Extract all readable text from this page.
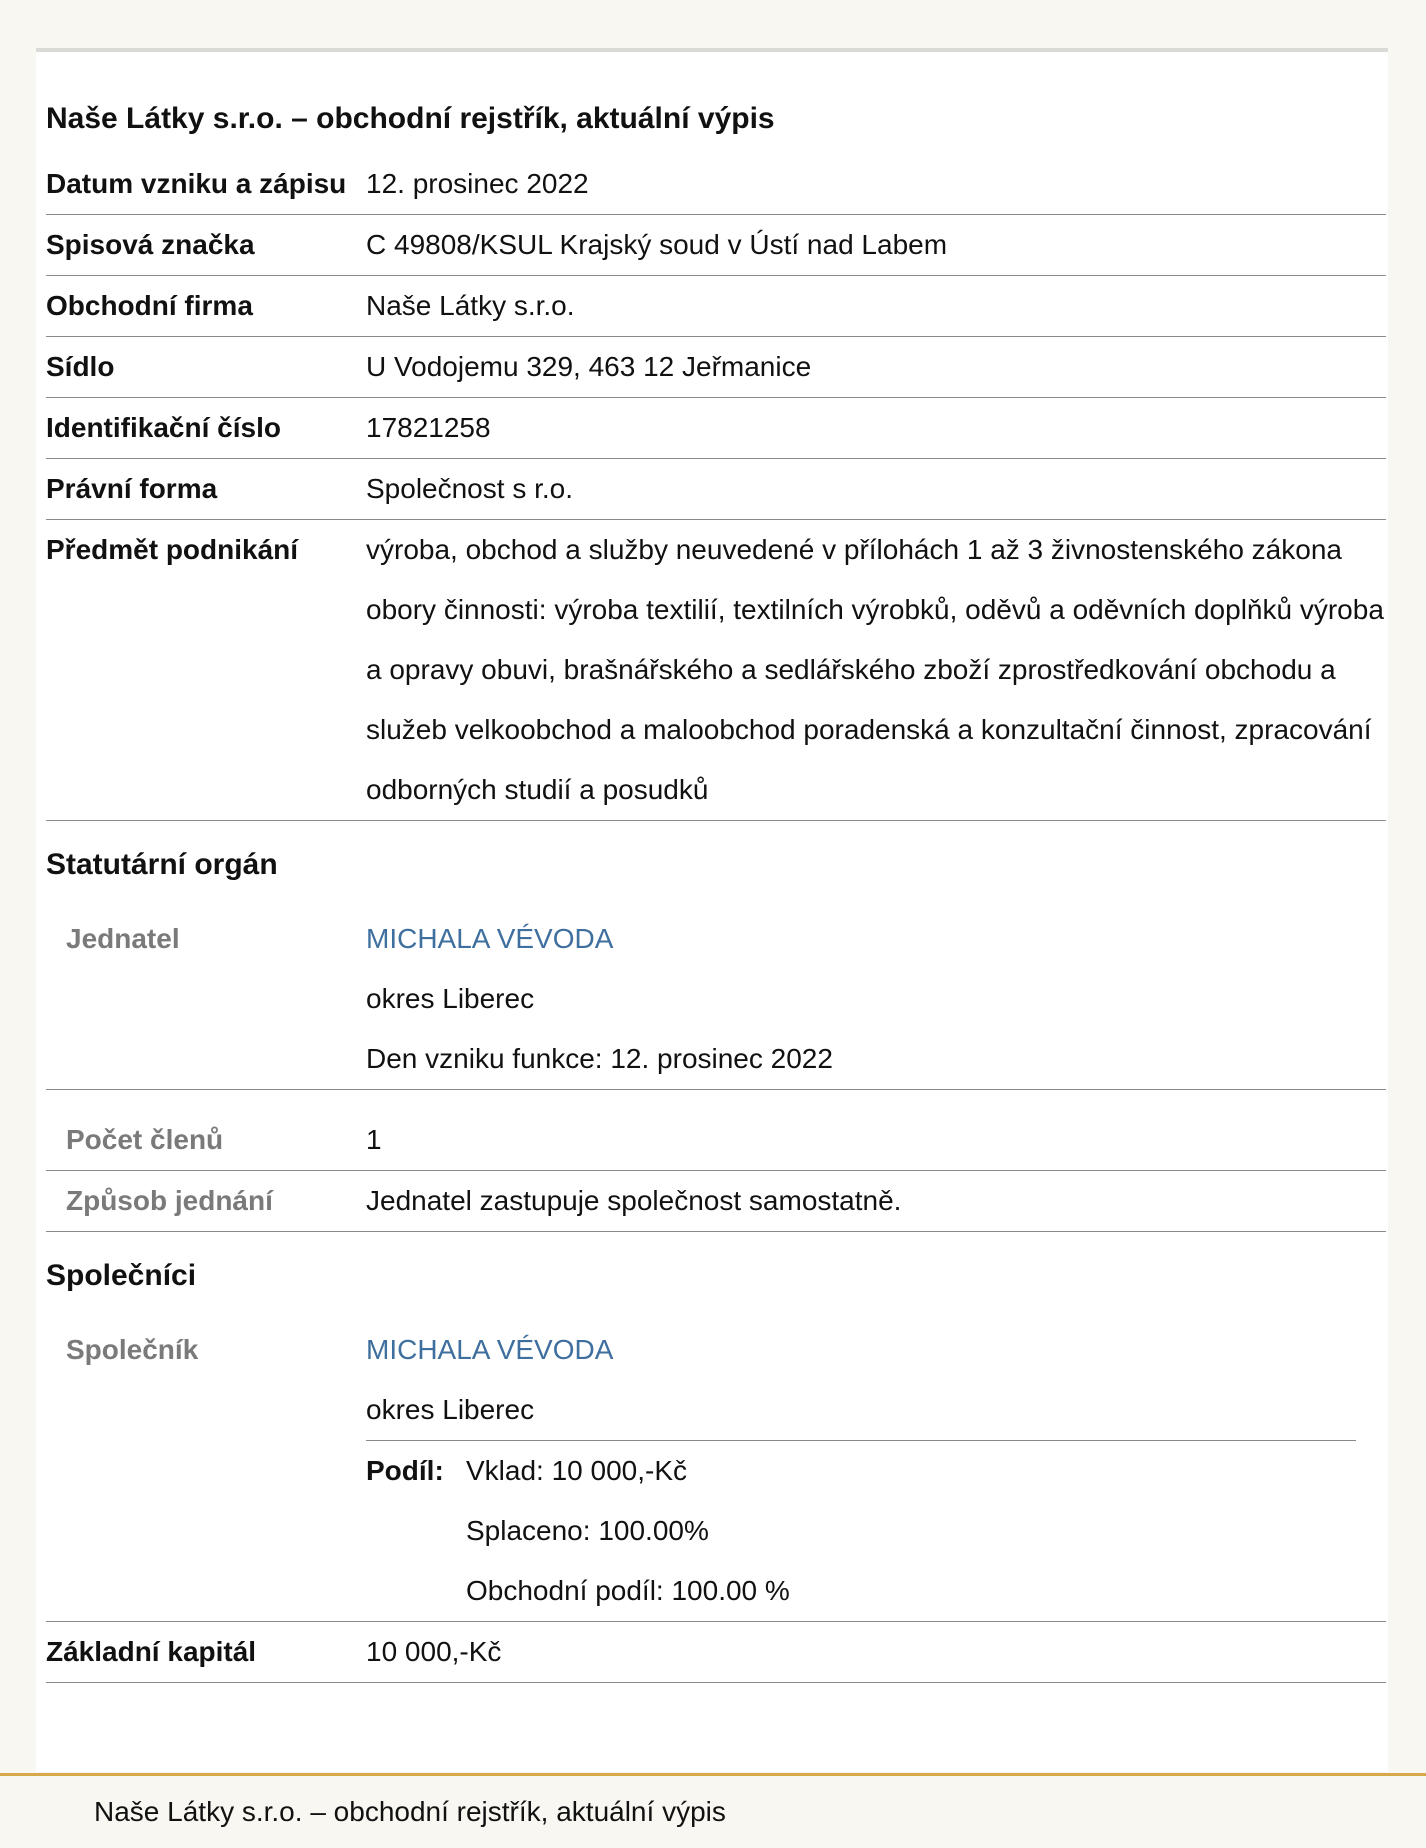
Naše Látky s.r.o. – obchodní rejstřík, aktuální výpis
Datum vzniku a zápisu 12. prosinec 2022
Spisová značka	C 49808/KSUL Krajský soud v Ústí nad Labem
Obchodní firma	Naše Látky s.r.o.
Sídlo	U Vodojemu 329, 463 12 Jeřmanice
Identifikační číslo	17821258
Právní forma	Společnost s r.o.
Předmět podnikání	výroba, obchod a služby neuvedené v přílohách 1 až 3 živnostenského zákona obory činnosti: výroba textilií, textilních výrobků, oděvů a oděvních doplňků výroba a opravy obuvi, brašnářského a sedlářského zboží zprostředkování obchodu a služeb velkoobchod a maloobchod poradenská a konzultační činnost, zpracování odborných studií a posudků
Statutární orgán
Jednatel	MICHALA VÉVODA
okres Liberec
Den vzniku funkce: 12. prosinec 2022
Počet členů	1
Způsob jednání	Jednatel zastupuje společnost samostatně.
Společníci
Společník	MICHALA VÉVODA
okres Liberec
Podíl: Vklad: 10 000,-Kč
Splaceno: 100.00%
Obchodní podíl: 100.00 %
Základní kapitál	10 000,-Kč
Naše Látky s.r.o. – obchodní rejstřík, aktuální výpis
